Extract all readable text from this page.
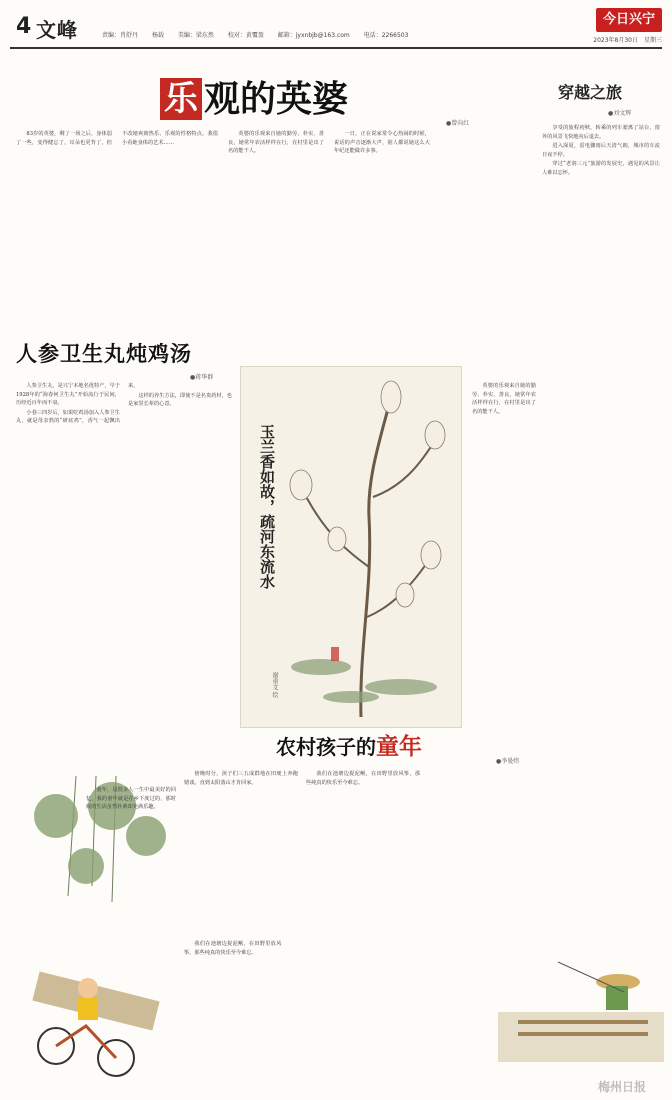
4 文峰	责编：肖舒丹 杨载 美编：梁东然 校对：黄覆盈 邮箱：jyxnbjb@163.com 电话：2266503
今日兴宁
2023年8月30日　星期三
乐 观的英婆
●曾向红

83岁的英婆，剩了一场之后，身体弱了一些，变得健忘了，耳朵也更背了，但不改她爽朗热乐、乐观的性格特点。我很小看她身体的艺术……

英婆的乐观来自她的勤劳、朴实、善良，她常年农活样样在行，在村里是出了名的能干人。

一日，正在说家常令心热闹的时候，说话的声音逐渐大声，别人都说她这么大年纪还能做许多事。

穿越之旅
●刘文辉

享受的旅程初秋，转乘的列车驶离了站台，窗外的风景飞快地向后退去。

进入深夏，雷电骤雨后天清气朗，城市的车流日夜不停。

穿过“老润三元”旅游的发展史，遇见的风景让人难以忘怀。

人参卫生丸炖鸡汤
●蒋华群

人参卫生丸，是兴宁本地名优特产，早于1928年的“海春何卫生丸”开始流行于民间，历经近百年而不衰。

小巷三四岁后，如果吃鸡汤加入人参卫生丸，就是母亲熬的“研底鸡”，香气一起飘出来。

这样的养生方法，即使不是名贵药材，也是家里长辈的心意。

英婆的乐观来自她的勤劳、朴实、善良，她常年农活样样在行，在村里是出了名的能干人。

玉兰香如故，疏河东流水
谢重文 绘
农村孩子的童年
●李曼炜

童年，是很多人一生中最美好的回忆，我的童年就是在乡下度过的，那时候的生活虽然朴素却充满乐趣。

傍晚时分，孩子们三五成群地在田埂上奔跑嬉戏，直到太阳落山才肯回家。

我们在池塘边捉泥鳅，在田野里放风筝，那些纯真的快乐至今难忘。

我们在池塘边捉泥鳅，在田野里放风筝，那些纯真的快乐至今难忘。

梅州日报
